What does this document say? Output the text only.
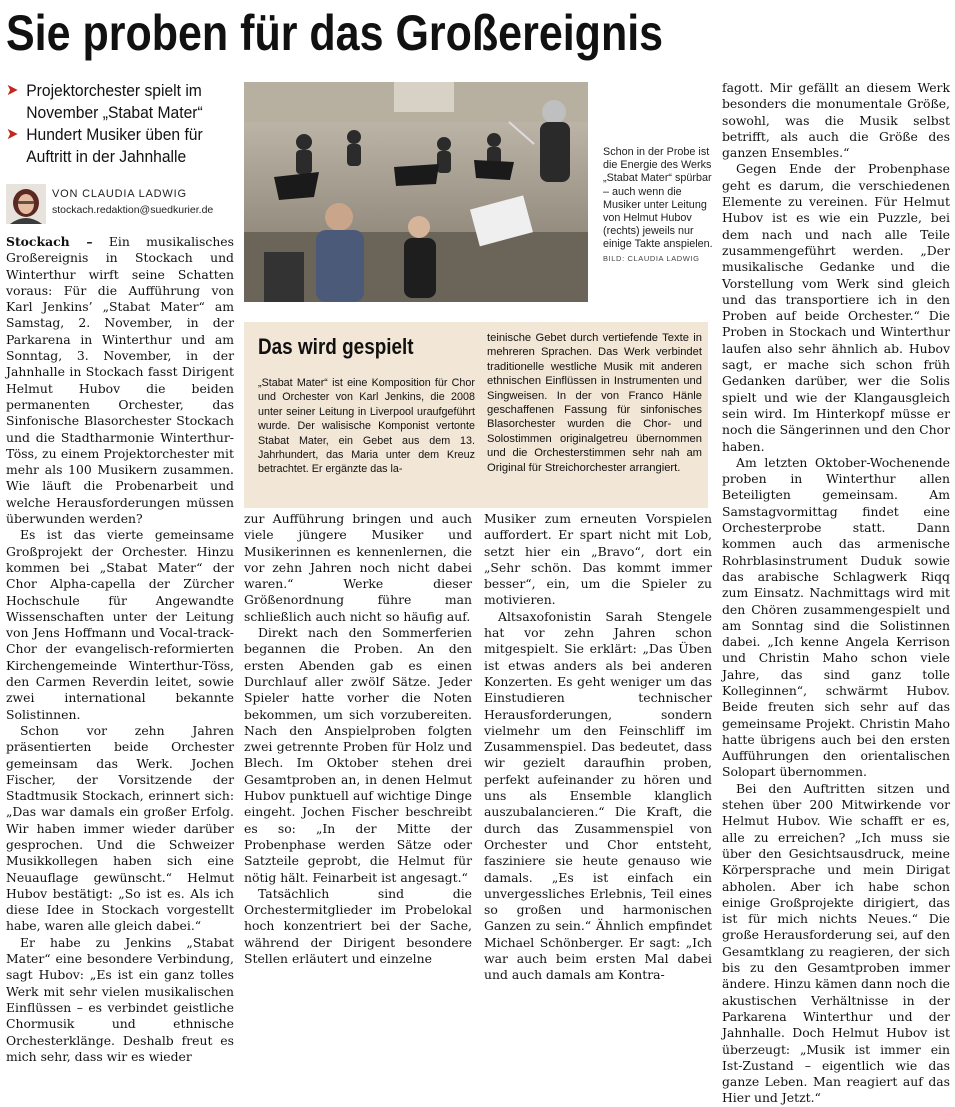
Sie proben für das Großereignis
➤ Projektorchester spielt im November „Stabat Mater“
➤ Hundert Musiker üben für Auftritt in der Jahnhalle
VON CLAUDIA LADWIG
stockach.redaktion@suedkurier.de

Stockach – Ein musikalisches Großereignis in Stockach und Winterthur wirft seine Schatten voraus: Für die Aufführung von Karl Jenkins’ „Stabat Mater“ am Samstag, 2. November, in der Parkarena in Winterthur und am Sonntag, 3. November, in der Jahnhalle in Stockach fasst Dirigent Helmut Hubov die beiden permanenten Orchester, das Sinfonische Blasorchester Stockach und die Stadtharmonie Winterthur-Töss, zu einem Projektorchester mit mehr als 100 Musikern zusammen. Wie läuft die Probenarbeit und welche Herausforderungen müssen überwunden werden?

Es ist das vierte gemeinsame Großprojekt der Orchester. Hinzu kommen bei „Stabat Mater“ der Chor Alpha-capella der Zürcher Hochschule für Angewandte Wissenschaften unter der Leitung von Jens Hoffmann und Vocal-track-Chor der evangelisch-reformierten Kirchengemeinde Winterthur-Töss, den Carmen Reverdin leitet, sowie zwei international bekannte Solistinnen.

Schon vor zehn Jahren präsentierten beide Orchester gemeinsam das Werk. Jochen Fischer, der Vorsitzende der Stadtmusik Stockach, erinnert sich: „Das war damals ein großer Erfolg. Wir haben immer wieder darüber gesprochen. Und die Schweizer Musikkollegen haben sich eine Neuauflage gewünscht.“ Helmut Hubov bestätigt: „So ist es. Als ich diese Idee in Stockach vorgestellt habe, waren alle gleich dabei.“

Er habe zu Jenkins „Stabat Mater“ eine besondere Verbindung, sagt Hubov: „Es ist ein ganz tolles Werk mit sehr vielen musikalischen Einflüssen – es verbindet geistliche Chormusik und ethnische Orchesterklänge. Deshalb freut es mich sehr, dass wir es wieder

Schon in der Probe ist die Energie des Werks „Stabat Mater“ spürbar – auch wenn die Musiker unter Leitung von Helmut Hubov (rechts) jeweils nur einige Takte anspielen. BILD: CLAUDIA LADWIG
Das wird gespielt
„Stabat Mater“ ist eine Komposition für Chor und Orchester von Karl Jenkins, die 2008 unter seiner Leitung in Liverpool uraufgeführt wurde. Der walisische Komponist vertonte Stabat Mater, ein Gebet aus dem 13. Jahrhundert, das Maria unter dem Kreuz betrachtet. Er ergänzte das la-
teinische Gebet durch vertiefende Texte in mehreren Sprachen. Das Werk verbindet traditionelle westliche Musik mit anderen ethnischen Einflüssen in Instrumenten und Singweisen. In der von Franco Hänle geschaffenen Fassung für sinfonisches Blasorchester wurden die Chor- und Solostimmen originalgetreu übernommen und die Orchesterstimmen sehr nah am Original für Streichorchester arrangiert.

zur Aufführung bringen und auch viele jüngere Musiker und Musikerinnen es kennenlernen, die vor zehn Jahren noch nicht dabei waren.“ Werke dieser Größenordnung führe man schließlich auch nicht so häufig auf.

Direkt nach den Sommerferien begannen die Proben. An den ersten Abenden gab es einen Durchlauf aller zwölf Sätze. Jeder Spieler hatte vorher die Noten bekommen, um sich vorzubereiten. Nach den Anspielproben folgten zwei getrennte Proben für Holz und Blech. Im Oktober stehen drei Gesamtproben an, in denen Helmut Hubov punktuell auf wichtige Dinge eingeht. Jochen Fischer beschreibt es so: „In der Mitte der Probenphase werden Sätze oder Satzteile geprobt, die Helmut für nötig hält. Feinarbeit ist angesagt.“

Tatsächlich sind die Orchestermitglieder im Probelokal hoch konzentriert bei der Sache, während der Dirigent besondere Stellen erläutert und einzelne

Musiker zum erneuten Vorspielen auffordert. Er spart nicht mit Lob, setzt hier ein „Bravo“, dort ein „Sehr schön. Das kommt immer besser“, ein, um die Spieler zu motivieren.

Altsaxofonistin Sarah Stengele hat vor zehn Jahren schon mitgespielt. Sie erklärt: „Das Üben ist etwas anders als bei anderen Konzerten. Es geht weniger um das Einstudieren technischer Herausforderungen, sondern vielmehr um den Feinschliff im Zusammenspiel. Das bedeutet, dass wir gezielt daraufhin proben, perfekt aufeinander zu hören und uns als Ensemble klanglich auszubalancieren.“ Die Kraft, die durch das Zusammenspiel von Orchester und Chor entsteht, fasziniere sie heute genauso wie damals. „Es ist einfach ein unvergessliches Erlebnis, Teil eines so großen und harmonischen Ganzen zu sein.“ Ähnlich empfindet Michael Schönberger. Er sagt: „Ich war auch beim ersten Mal dabei und auch damals am Kontra-

fagott. Mir gefällt an diesem Werk besonders die monumentale Größe, sowohl, was die Musik selbst betrifft, als auch die Größe des ganzen Ensembles.“

Gegen Ende der Probenphase geht es darum, die verschiedenen Elemente zu vereinen. Für Helmut Hubov ist es wie ein Puzzle, bei dem nach und nach alle Teile zusammengeführt werden. „Der musikalische Gedanke und die Vorstellung vom Werk sind gleich und das transportiere ich in den Proben auf beide Orchester.“ Die Proben in Stockach und Winterthur laufen also sehr ähnlich ab. Hubov sagt, er mache sich schon früh Gedanken darüber, wer die Solis spielt und wie der Klangausgleich sein wird. Im Hinterkopf müsse er noch die Sängerinnen und den Chor haben.

Am letzten Oktober-Wochenende proben in Winterthur allen Beteiligten gemeinsam. Am Samstagvormittag findet eine Orchesterprobe statt. Dann kommen auch das armenische Rohrblasinstrument Duduk sowie das arabische Schlagwerk Riqq zum Einsatz. Nachmittags wird mit den Chören zusammengespielt und am Sonntag sind die Solistinnen dabei. „Ich kenne Angela Kerrison und Christin Maho schon viele Jahre, das sind ganz tolle Kolleginnen“, schwärmt Hubov. Beide freuten sich sehr auf das gemeinsame Projekt. Christin Maho hatte übrigens auch bei den ersten Aufführungen den orientalischen Solopart übernommen.

Bei den Auftritten sitzen und stehen über 200 Mitwirkende vor Helmut Hubov. Wie schafft er es, alle zu erreichen? „Ich muss sie über den Gesichtsausdruck, meine Körpersprache und mein Dirigat abholen. Aber ich habe schon einige Großprojekte dirigiert, das ist für mich nichts Neues.“ Die große Herausforderung sei, auf den Gesamtklang zu reagieren, der sich bis zu den Gesamtproben immer ändere. Hinzu kämen dann noch die akustischen Verhältnisse in der Parkarena Winterthur und der Jahnhalle. Doch Helmut Hubov ist überzeugt: „Musik ist immer ein Ist-Zustand – eigentlich wie das ganze Leben. Man reagiert auf das Hier und Jetzt.“
